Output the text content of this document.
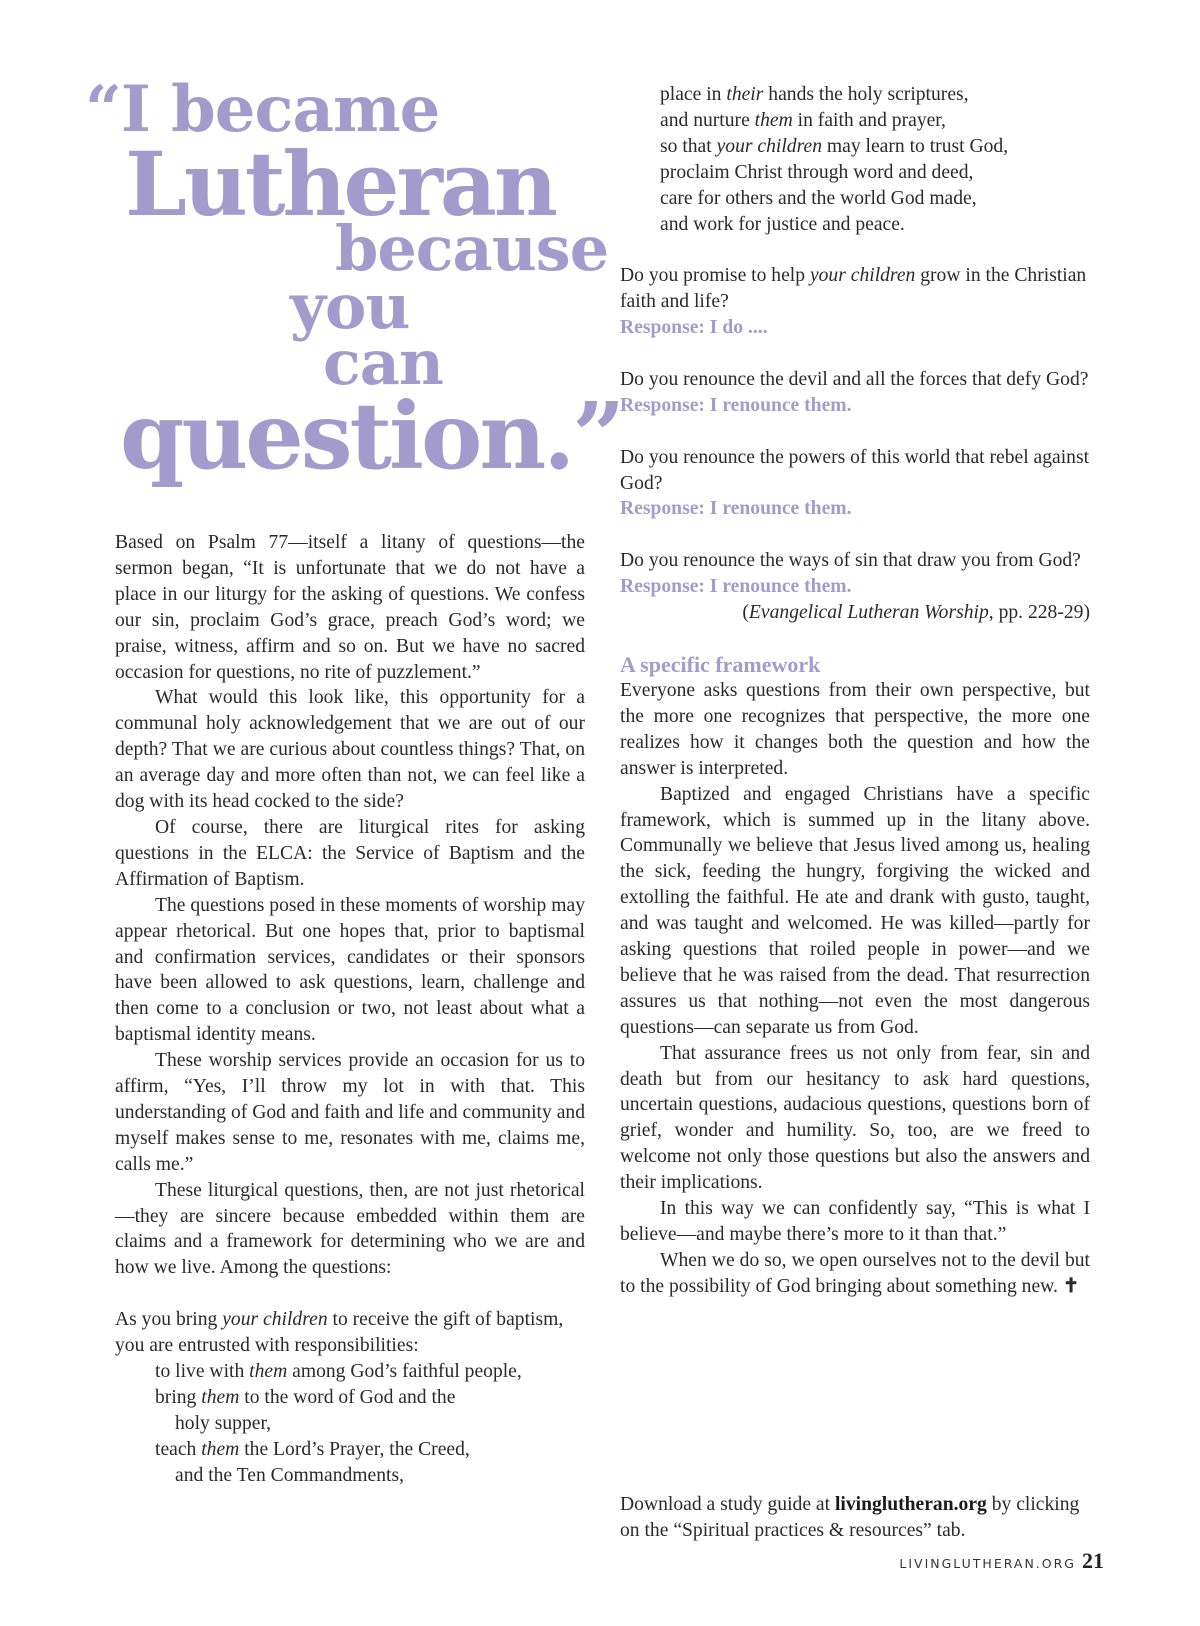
“I became
Lutheran
because
you
can
question.”

Based on Psalm 77—itself a litany of questions—the sermon began, “It is unfortunate that we do not have a place in our liturgy for the asking of questions. We confess our sin, proclaim God’s grace, preach God’s word; we praise, witness, affirm and so on. But we have no sacred occasion for questions, no rite of puzzlement.”

What would this look like, this opportunity for a communal holy acknowledgement that we are out of our depth? That we are curious about countless things? That, on an average day and more often than not, we can feel like a dog with its head cocked to the side?

Of course, there are liturgical rites for asking questions in the ELCA: the Service of Baptism and the Affirmation of Baptism.

The questions posed in these moments of worship may appear rhetorical. But one hopes that, prior to baptismal and confirmation services, candidates or their sponsors have been allowed to ask questions, learn, challenge and then come to a conclusion or two, not least about what a baptismal identity means.

These worship services provide an occasion for us to affirm, “Yes, I’ll throw my lot in with that. This understanding of God and faith and life and community and myself makes sense to me, resonates with me, claims me, calls me.”

These liturgical questions, then, are not just rhetorical—they are sincere because embedded within them are claims and a framework for determining who we are and how we live. Among the questions:

As you bring your children to receive the gift of baptism, you are entrusted with responsibilities:

to live with them among God’s faithful people,
bring them to the word of God and the
holy supper,
teach them the Lord’s Prayer, the Creed,
and the Ten Commandments,
place in their hands the holy scriptures,
and nurture them in faith and prayer,
so that your children may learn to trust God,
proclaim Christ through word and deed,
care for others and the world God made,
and work for justice and peace.
Do you promise to help your children grow in the Christian faith and life?
Response: I do ....
Do you renounce the devil and all the forces that defy God?
Response: I renounce them.
Do you renounce the powers of this world that rebel against God?
Response: I renounce them.
Do you renounce the ways of sin that draw you from God?
Response: I renounce them.
(Evangelical Lutheran Worship, pp. 228-29)
A specific framework

Everyone asks questions from their own perspective, but the more one recognizes that perspective, the more one realizes how it changes both the question and how the answer is interpreted.

Baptized and engaged Christians have a specific framework, which is summed up in the litany above. Communally we believe that Jesus lived among us, healing the sick, feeding the hungry, forgiving the wicked and extolling the faithful. He ate and drank with gusto, taught, and was taught and welcomed. He was killed—partly for asking questions that roiled people in power—and we believe that he was raised from the dead. That resurrection assures us that nothing—not even the most dangerous questions—can separate us from God.

That assurance frees us not only from fear, sin and death but from our hesitancy to ask hard questions, uncertain questions, audacious questions, questions born of grief, wonder and humility. So, too, are we freed to welcome not only those questions but also the answers and their implications.

In this way we can confidently say, “This is what I believe—and maybe there’s more to it than that.”

When we do so, we open ourselves not to the devil but to the possibility of God bringing about something new. ✝

Download a study guide at livinglutheran.org by clicking on the “Spiritual practices & resources” tab.
LIVINGLUTHERAN.ORG 21
